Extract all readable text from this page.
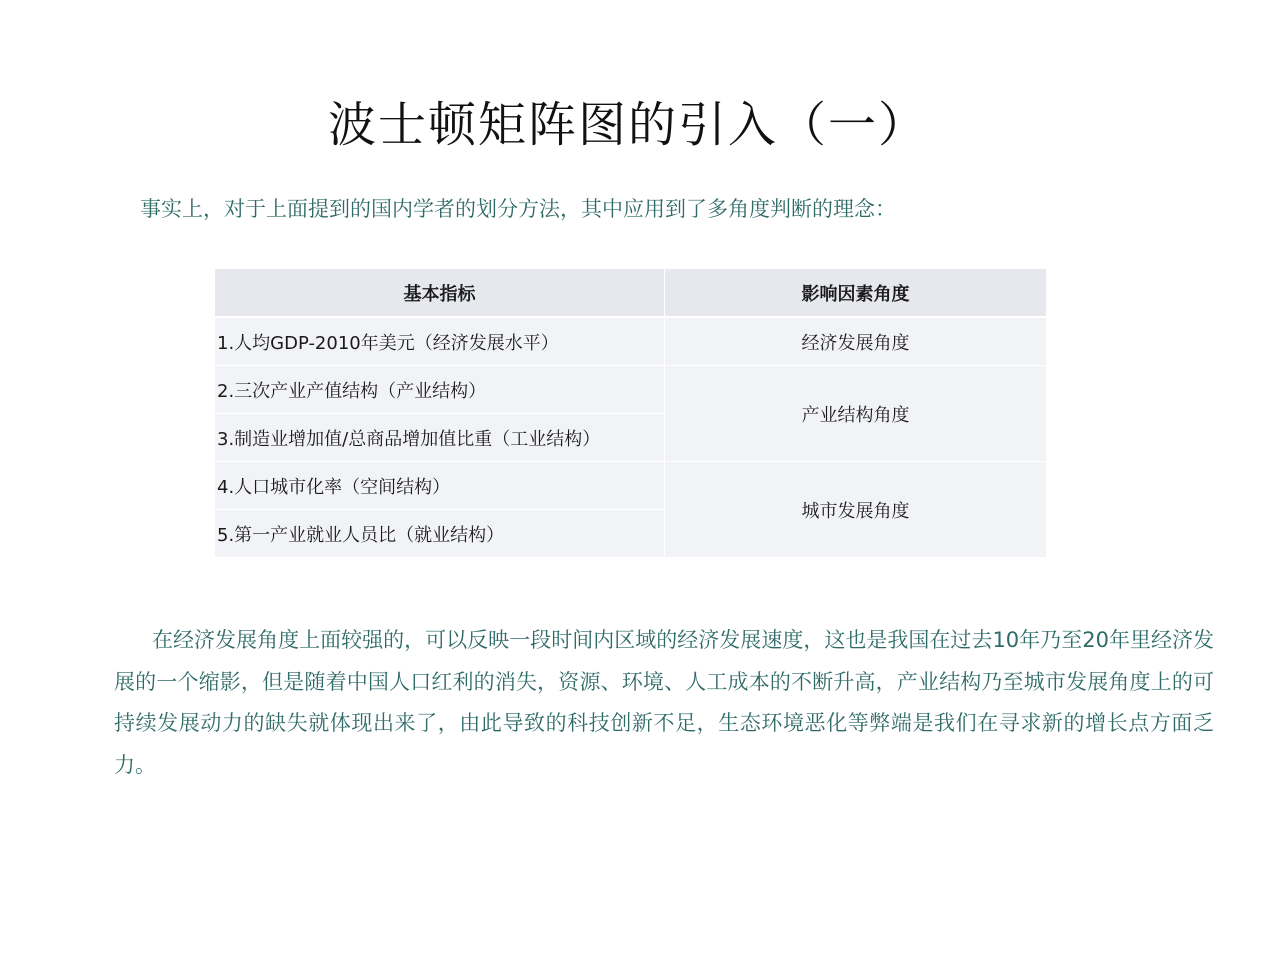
波士顿矩阵图的引入（一）
事实上，对于上面提到的国内学者的划分方法，其中应用到了多角度判断的理念：
基本指标	影响因素角度
1.人均GDP-2010年美元（经济发展水平）	经济发展角度
2.三次产业产值结构（产业结构）	产业结构角度
3.制造业增加值/总商品增加值比重（工业结构）	
4.人口城市化率（空间结构）	城市发展角度
5.第一产业就业人员比（就业结构）	
在经济发展角度上面较强的，可以反映一段时间内区域的经济发展速度，这也是我国在过去10年乃至20年里经济发展的一个缩影，但是随着中国人口红利的消失，资源、环境、人工成本的不断升高，产业结构乃至城市发展角度上的可持续发展动力的缺失就体现出来了，由此导致的科技创新不足，生态环境恶化等弊端是我们在寻求新的增长点方面乏力。
